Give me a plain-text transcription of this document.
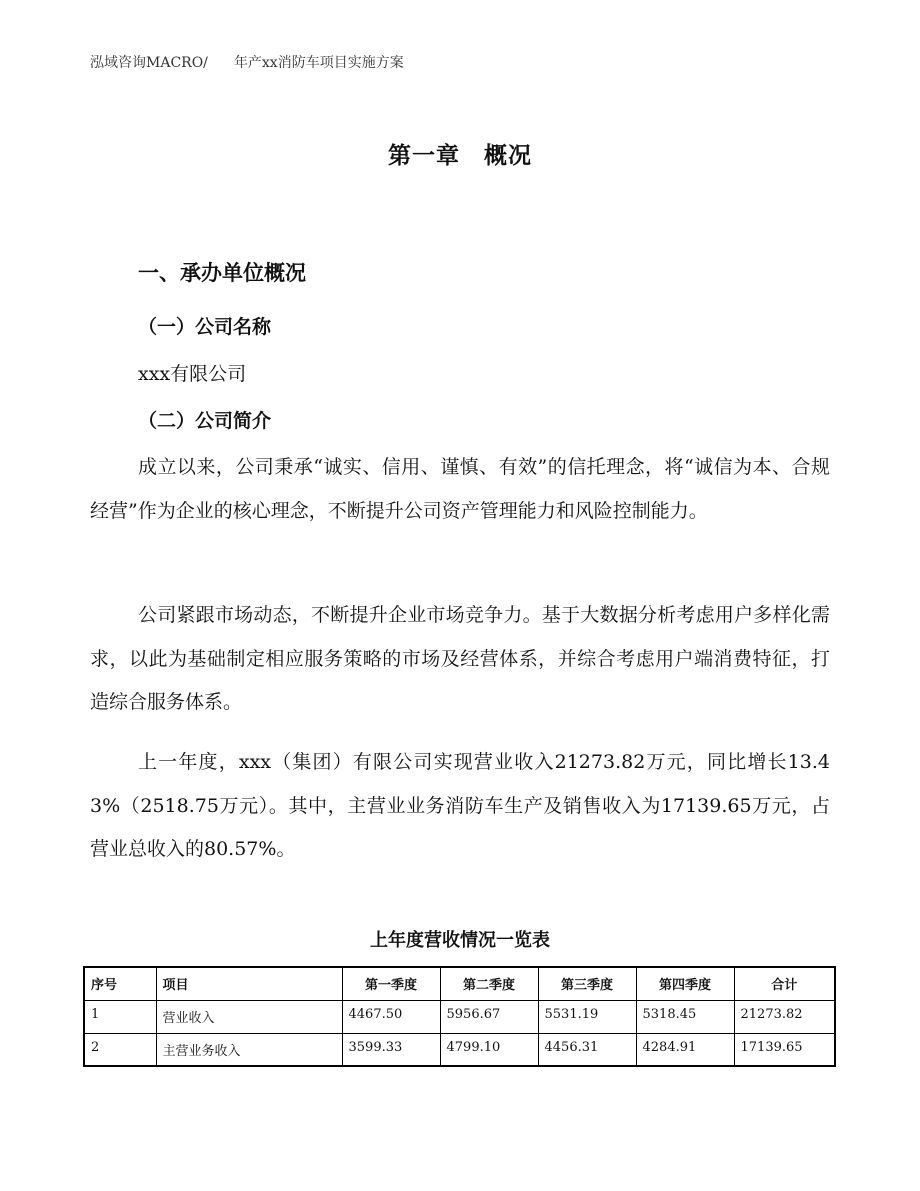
泓域咨询MACRO/ 年产xx消防车项目实施方案
第一章　概况
一、承办单位概况
（一）公司名称
xxx有限公司
（二）公司简介
成立以来，公司秉承“诚实、信用、谨慎、有效”的信托理念，将“诚信为本、合规经营”作为企业的核心理念，不断提升公司资产管理能力和风险控制能力。
公司紧跟市场动态，不断提升企业市场竞争力。基于大数据分析考虑用户多样化需求，以此为基础制定相应服务策略的市场及经营体系，并综合考虑用户端消费特征，打造综合服务体系。
上一年度，xxx（集团）有限公司实现营业收入21273.82万元，同比增长13.43%（2518.75万元）。其中，主营业业务消防车生产及销售收入为17139.65万元，占营业总收入的80.57%。
上年度营收情况一览表
序号	项目	第一季度	第二季度	第三季度	第四季度	合计
1	营业收入	4467.50	5956.67	5531.19	5318.45	21273.82
2	主营业务收入	3599.33	4799.10	4456.31	4284.91	17139.65
